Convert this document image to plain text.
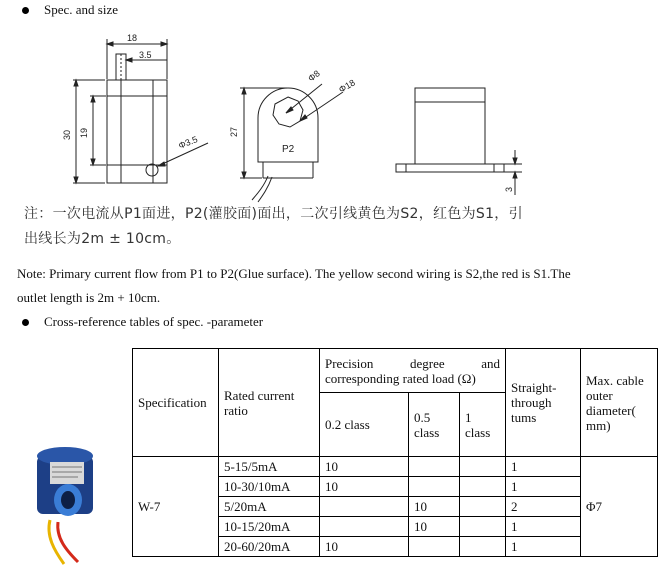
Spec. and size
18
3.5
30 19
Φ3.5
Φ8
Φ18
27
P2
3
注：一次电流从P1面进，P2(灌胶面)面出，二次引线黄色为S2，红色为S1，引
出线长为2m ± 10cm。
Note: Primary current flow from P1 to P2(Glue surface). The yellow second wiring is S2,the red is S1.The
outlet length is 2m + 10cm.
Cross-reference tables of spec. -parameter
Specification	Rated current ratio	Precision degree and corresponding rated load (Ω)			Straight-through tums	Max. cable outer diameter( mm)
		0.2 class	0.5 class	1 class		
W-7	5-15/5mA	10			1	Φ7
	10-30/10mA	10			1	
	5/20mA		10		2	
	10-15/20mA		10		1	
	20-60/20mA	10			1	
